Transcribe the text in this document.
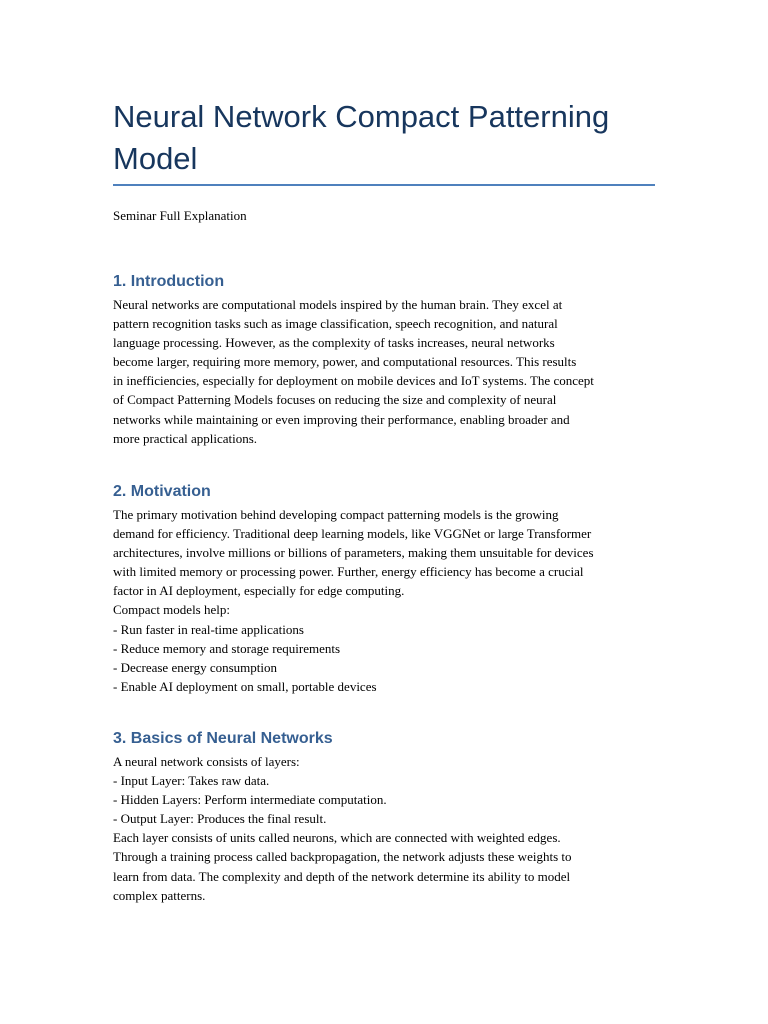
Neural Network Compact Patterning Model
Seminar Full Explanation
1. Introduction
Neural networks are computational models inspired by the human brain. They excel at
pattern recognition tasks such as image classification, speech recognition, and natural
language processing. However, as the complexity of tasks increases, neural networks
become larger, requiring more memory, power, and computational resources. This results
in inefficiencies, especially for deployment on mobile devices and IoT systems. The concept
of Compact Patterning Models focuses on reducing the size and complexity of neural
networks while maintaining or even improving their performance, enabling broader and
more practical applications.
2. Motivation
The primary motivation behind developing compact patterning models is the growing
demand for efficiency. Traditional deep learning models, like VGGNet or large Transformer
architectures, involve millions or billions of parameters, making them unsuitable for devices
with limited memory or processing power. Further, energy efficiency has become a crucial
factor in AI deployment, especially for edge computing.
Compact models help:
- Run faster in real-time applications
- Reduce memory and storage requirements
- Decrease energy consumption
- Enable AI deployment on small, portable devices
3. Basics of Neural Networks
A neural network consists of layers:
- Input Layer: Takes raw data.
- Hidden Layers: Perform intermediate computation.
- Output Layer: Produces the final result.
Each layer consists of units called neurons, which are connected with weighted edges.
Through a training process called backpropagation, the network adjusts these weights to
learn from data. The complexity and depth of the network determine its ability to model
complex patterns.
